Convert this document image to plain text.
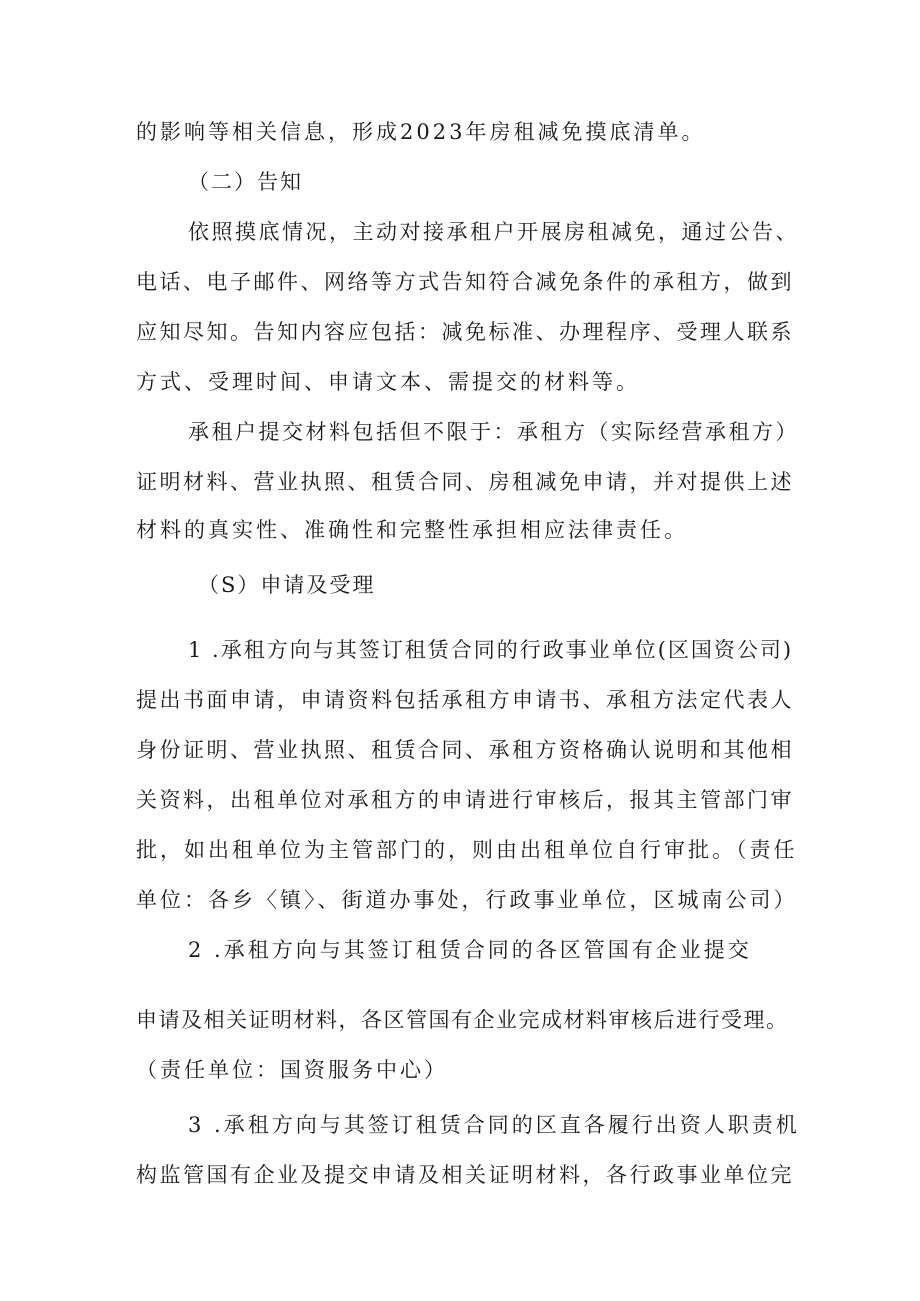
的影响等相关信息，形成2023年房租减免摸底清单。
（二）告知
依照摸底情况，主动对接承租户开展房租减免，通过公告、
电话、电子邮件、网络等方式告知符合减免条件的承租方，做到
应知尽知。告知内容应包括：减免标准、办理程序、受理人联系
方式、受理时间、申请文本、需提交的材料等。
承租户提交材料包括但不限于：承租方（实际经营承租方）
证明材料、营业执照、租赁合同、房租减免申请，并对提供上述
材料的真实性、准确性和完整性承担相应法律责任。
（S）申请及受理
1 .承租方向与其签订租赁合同的行政事业单位(区国资公司)
提出书面申请，申请资料包括承租方申请书、承租方法定代表人
身份证明、营业执照、租赁合同、承租方资格确认说明和其他相
关资料，出租单位对承租方的申请进行审核后，报其主管部门审
批，如出租单位为主管部门的，则由出租单位自行审批。（责任
单位：各乡〈镇〉、街道办事处，行政事业单位，区城南公司）
2 .承租方向与其签订租赁合同的各区管国有企业提交
申请及相关证明材料，各区管国有企业完成材料审核后进行受理。
（责任单位：国资服务中心）
3 .承租方向与其签订租赁合同的区直各履行出资人职责机
构监管国有企业及提交申请及相关证明材料，各行政事业单位完
